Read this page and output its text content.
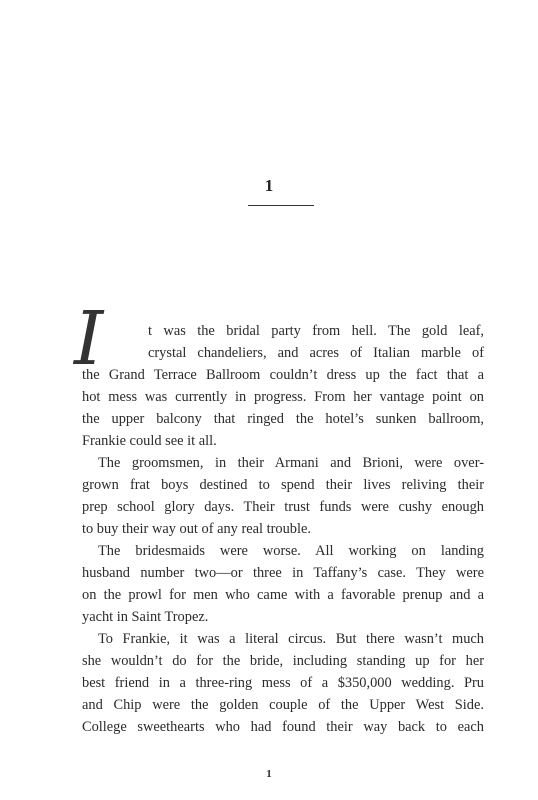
1
I	t was the bridal party from hell. The gold leaf,
crystal chandeliers, and acres of Italian marble of
the Grand Terrace Ballroom couldn’t dress up the fact that a
hot mess was currently in progress. From her vantage point on
the upper balcony that ringed the hotel’s sunken ballroom,
Frankie could see it all.
The groomsmen, in their Armani and Brioni, were over-
grown frat boys destined to spend their lives reliving their
prep school glory days. Their trust funds were cushy enough
to buy their way out of any real trouble.
The bridesmaids were worse. All working on landing
husband number two—or three in Taffany’s case. They were
on the prowl for men who came with a favorable prenup and a
yacht in Saint Tropez.
To Frankie, it was a literal circus. But there wasn’t much
she wouldn’t do for the bride, including standing up for her
best friend in a three-ring mess of a $350,000 wedding. Pru
and Chip were the golden couple of the Upper West Side.
College sweethearts who had found their way back to each
1
